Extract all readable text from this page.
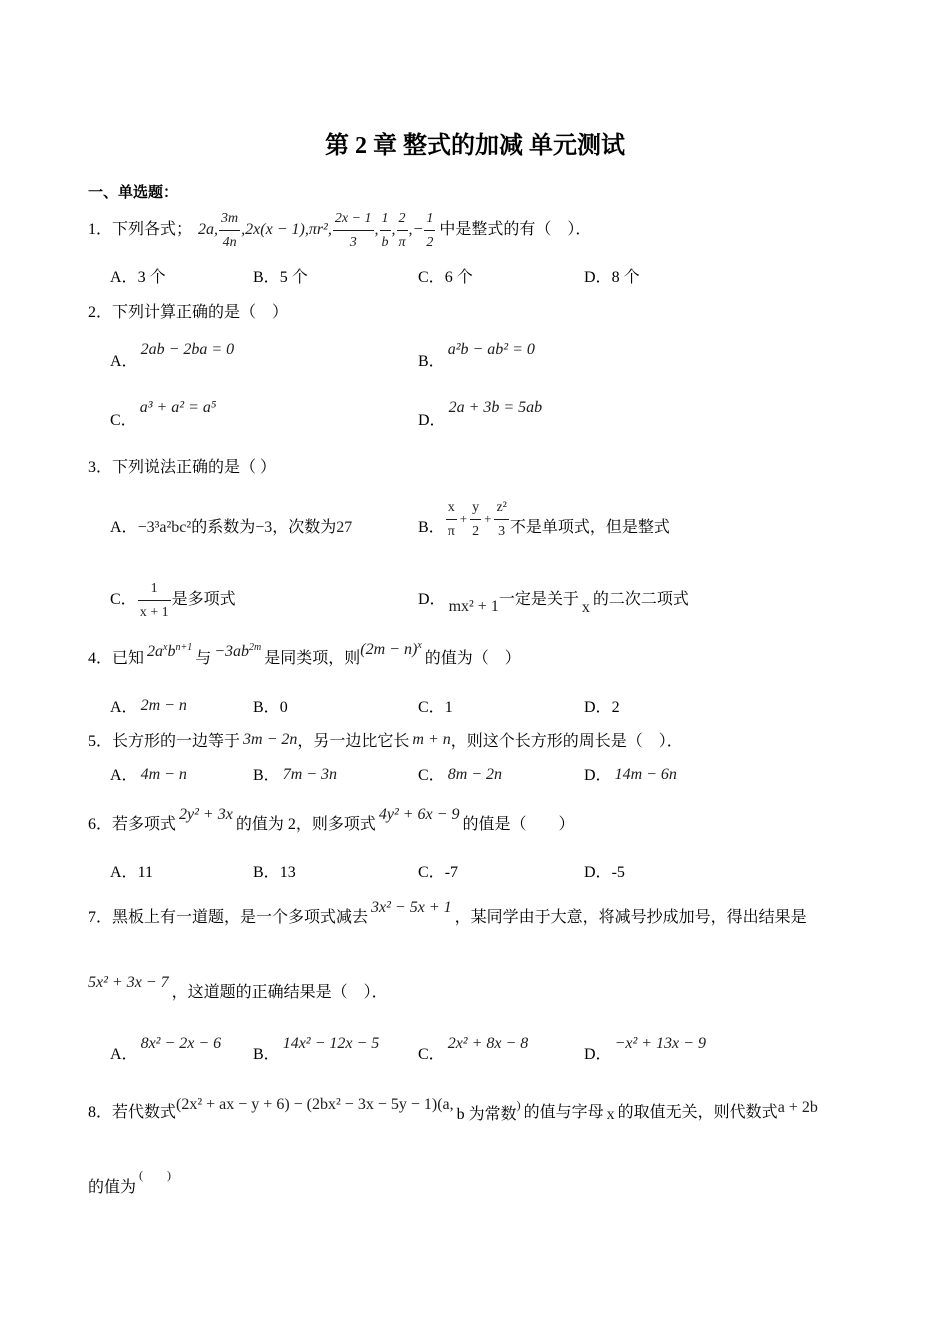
第 2 章 整式的加减 单元测试
一、单选题：
1． 下列各式； 2a, $\frac{3m}{4n} ,2x(x - 1),\pi r^2$, $\frac{2x - 1}{3}$ , $\frac{1}{b}$ , $\frac{2}{\pi}$ ,− $\frac{1}{2}$ 中是整式的有（　）．
A． 3 个	B． 5 个	C． 6 个	D． 8 个
2． 下列计算正确的是（　）
A．
2ab − 2ba = 0
B．
a²b − ab² = 0
C．
a³ + a² = a⁵
D．
2a + 3b = 5ab
3． 下列说法正确的是（ ）
A． −3³a²bc² 的系数为 −3 ，次数为 27	B． $\frac{x}{\pi} + \frac{y}{2} + \frac{\text{z²}}{3}$ 不是单项式，但是整式
C． $\frac{1}{x + 1}$ 是多项式	D． mx² + 1 一定是关于 x 的二次二项式
4． 已知 $2a^xb^{n+1}$
与 $-3ab^{2m}$
是同类项，则
$(2m - n)^x$
的值为（　）
A． 2m − n	B． 0	C． 1	D． 2
5． 长方形的一边等于 3m − 2n ，另一边比它长 m + n ，则这个长方形的周长是（　）．
A． 4m − n	B． 7m − 3n	C． 8m − 2n	D． 14m − 6n
6． 若多项式
2y² + 3x
的值为 2，则多项式
4y² + 6x − 9
的值是（　　）
A． 11	B． 13	C． -7	D． -5
7． 黑板上有一道题，是一个多项式减去
3x² − 5x + 1
，某同学由于大意，将减号抄成加号，得出结果是
5x² + 3x − 7
，这道题的正确结果是（　）．
A．
8x² − 2x − 6
B．
14x² − 12x − 5
C．
2x² + 8x − 8
D．
−x² + 13x − 9
8． 若代数式 (2x² + ax − y + 6) − (2bx² − 3x − 5y − 1)(a,
b 为常数
) 的值与字母 x 的取值无关，则代数式 a + 2b
的值为
(　　)
